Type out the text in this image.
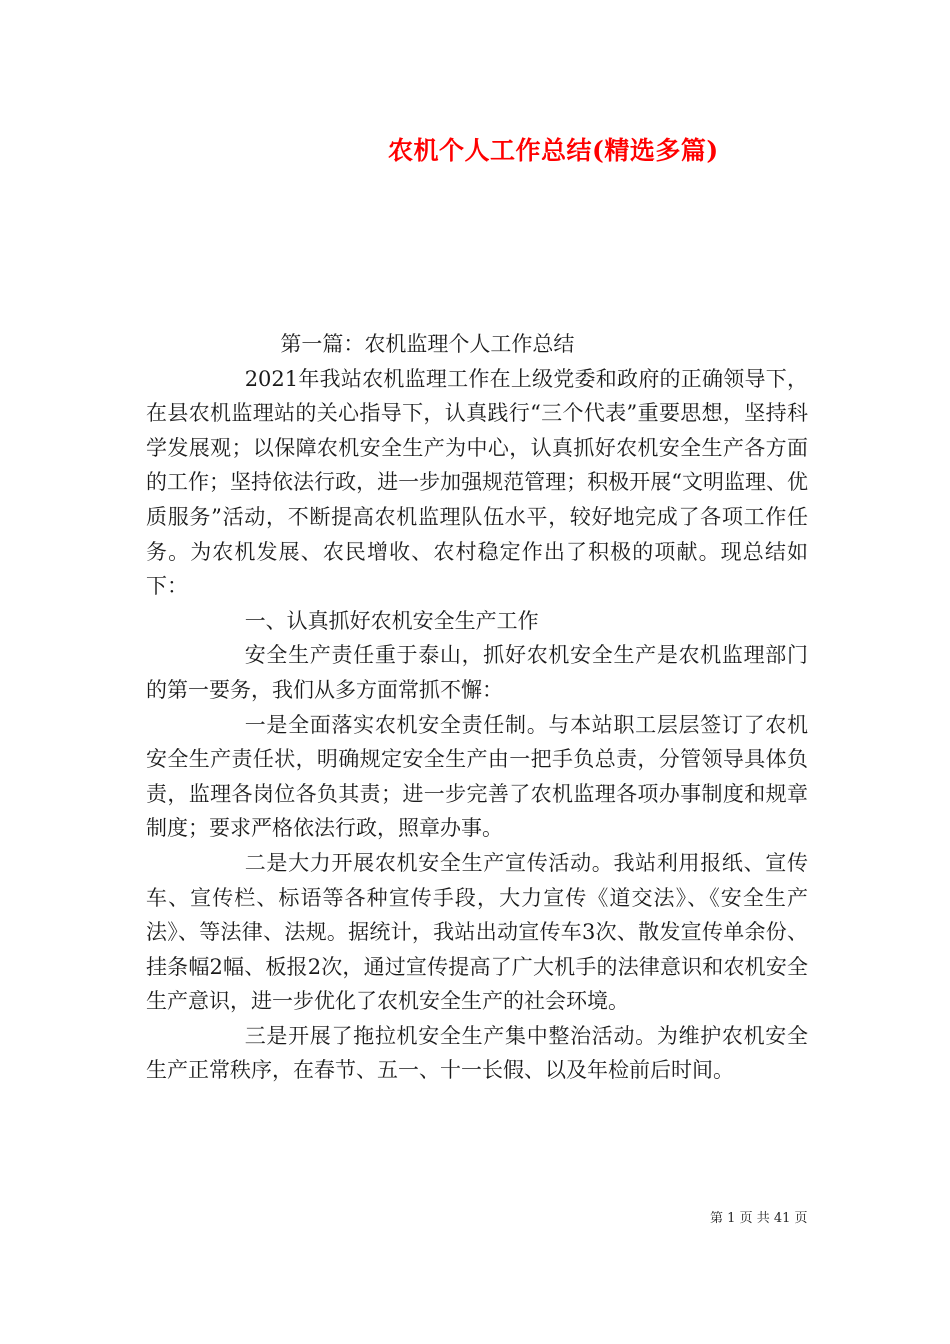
农机个人工作总结(精选多篇)

第一篇：农机监理个人工作总结

2021年我站农机监理工作在上级党委和政府的正确领导下，在县农机监理站的关心指导下，认真践行“三个代表”重要思想，坚持科学发展观；以保障农机安全生产为中心，认真抓好农机安全生产各方面的工作；坚持依法行政，进一步加强规范管理；积极开展“文明监理、优质服务”活动，不断提高农机监理队伍水平，较好地完成了各项工作任务。为农机发展、农民增收、农村稳定作出了积极的项献。现总结如下：

一、认真抓好农机安全生产工作

安全生产责任重于泰山，抓好农机安全生产是农机监理部门的第一要务，我们从多方面常抓不懈：

一是全面落实农机安全责任制。与本站职工层层签订了农机安全生产责任状，明确规定安全生产由一把手负总责，分管领导具体负责，监理各岗位各负其责；进一步完善了农机监理各项办事制度和规章制度；要求严格依法行政，照章办事。

二是大力开展农机安全生产宣传活动。我站利用报纸、宣传车、宣传栏、标语等各种宣传手段，大力宣传《道交法》、《安全生产法》、等法律、法规。据统计，我站出动宣传车3次、散发宣传单余份、挂条幅2幅、板报2次，通过宣传提高了广大机手的法律意识和农机安全生产意识，进一步优化了农机安全生产的社会环境。

三是开展了拖拉机安全生产集中整治活动。为维护农机安全生产正常秩序，在春节、五一、十一长假、以及年检前后时间。

第 1 页 共 41 页
